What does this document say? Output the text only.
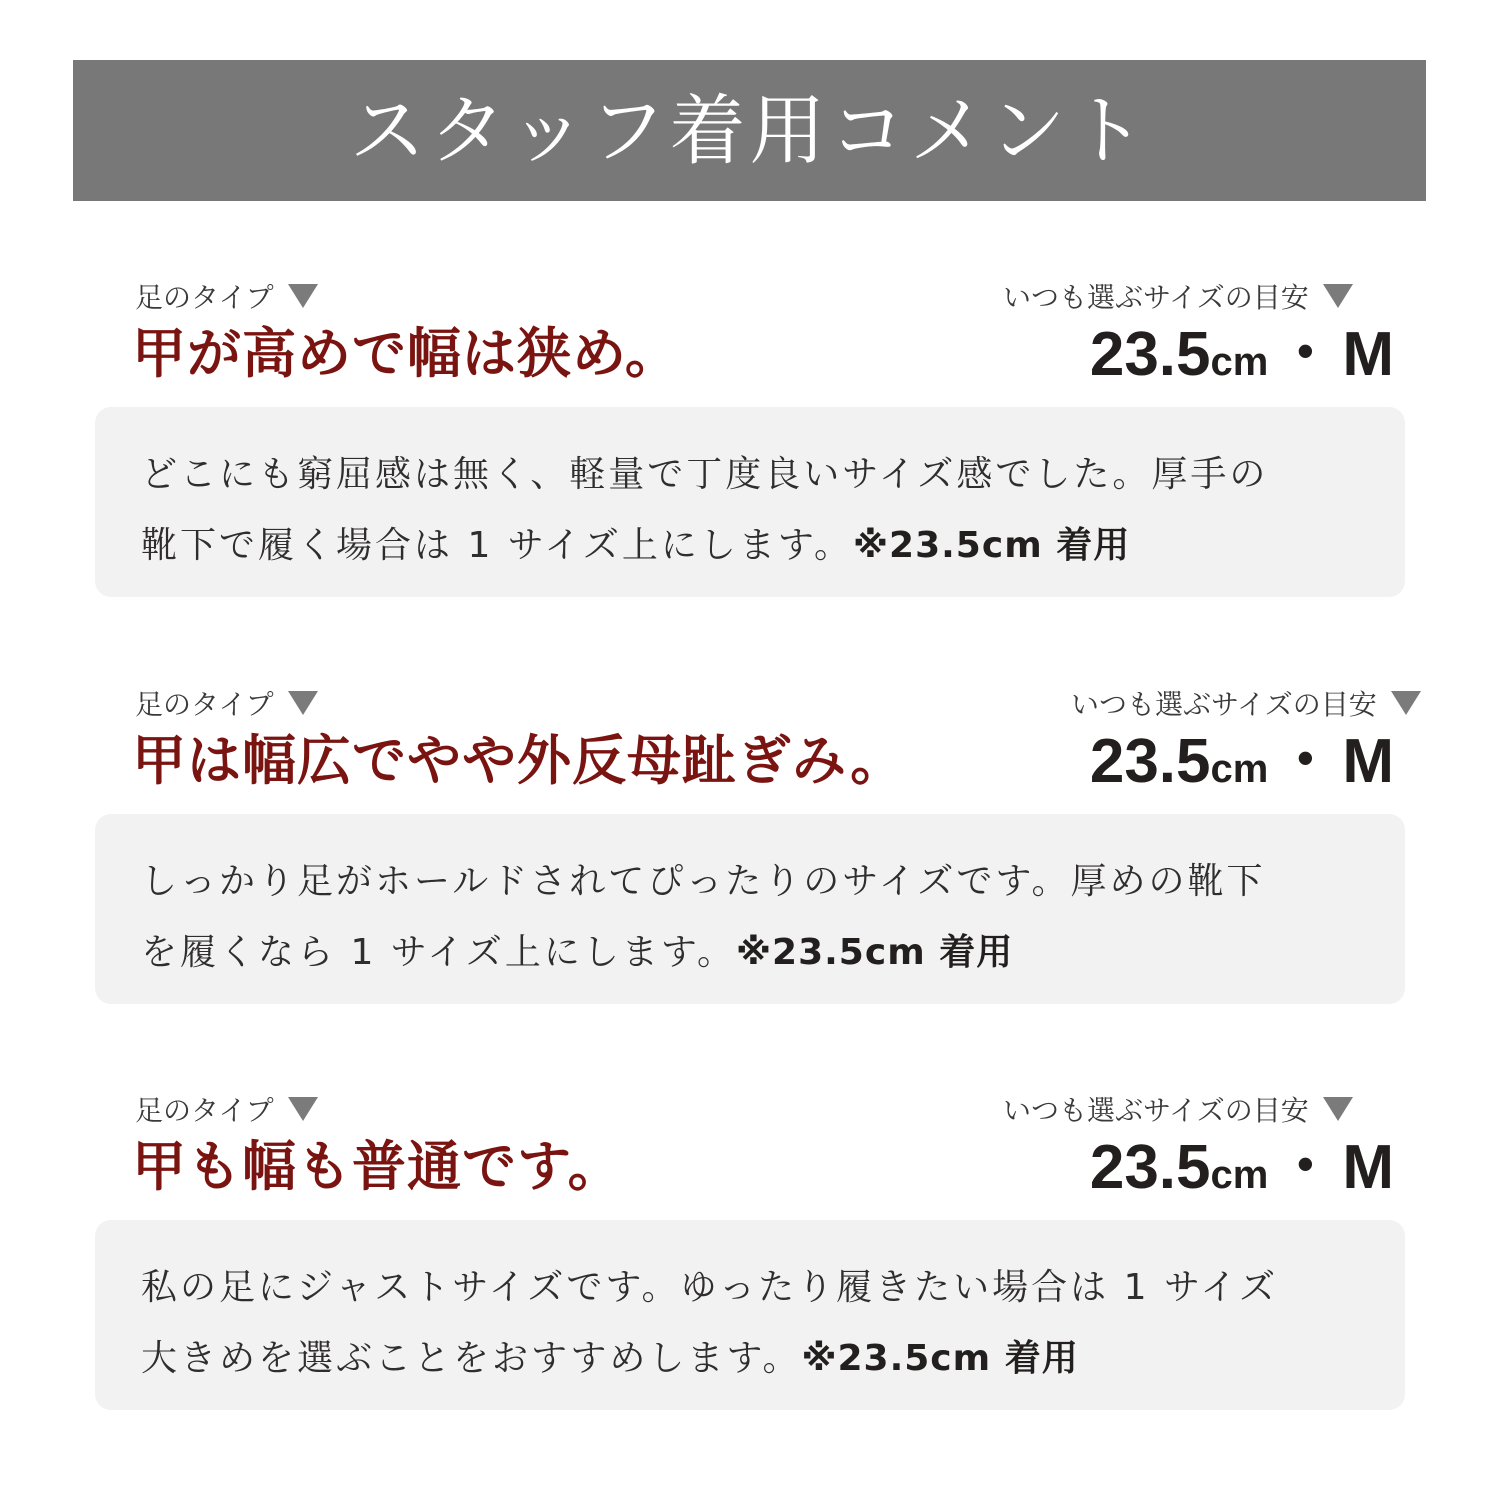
スタッフ着用コメント
足のタイプ	いつも選ぶサイズの目安
甲が高めで幅は狭め。	23.5cm・M
どこにも窮屈感は無く、軽量で丁度良いサイズ感でした。厚手の
靴下で履く場合は 1 サイズ上にします。※23.5cm 着用
足のタイプ	いつも選ぶサイズの目安
甲は幅広でやや外反母趾ぎみ。	23.5cm・M
しっかり足がホールドされてぴったりのサイズです。厚めの靴下
を履くなら 1 サイズ上にします。※23.5cm 着用
足のタイプ	いつも選ぶサイズの目安
甲も幅も普通です。	23.5cm・M
私の足にジャストサイズです。ゆったり履きたい場合は 1 サイズ
大きめを選ぶことをおすすめします。※23.5cm 着用
